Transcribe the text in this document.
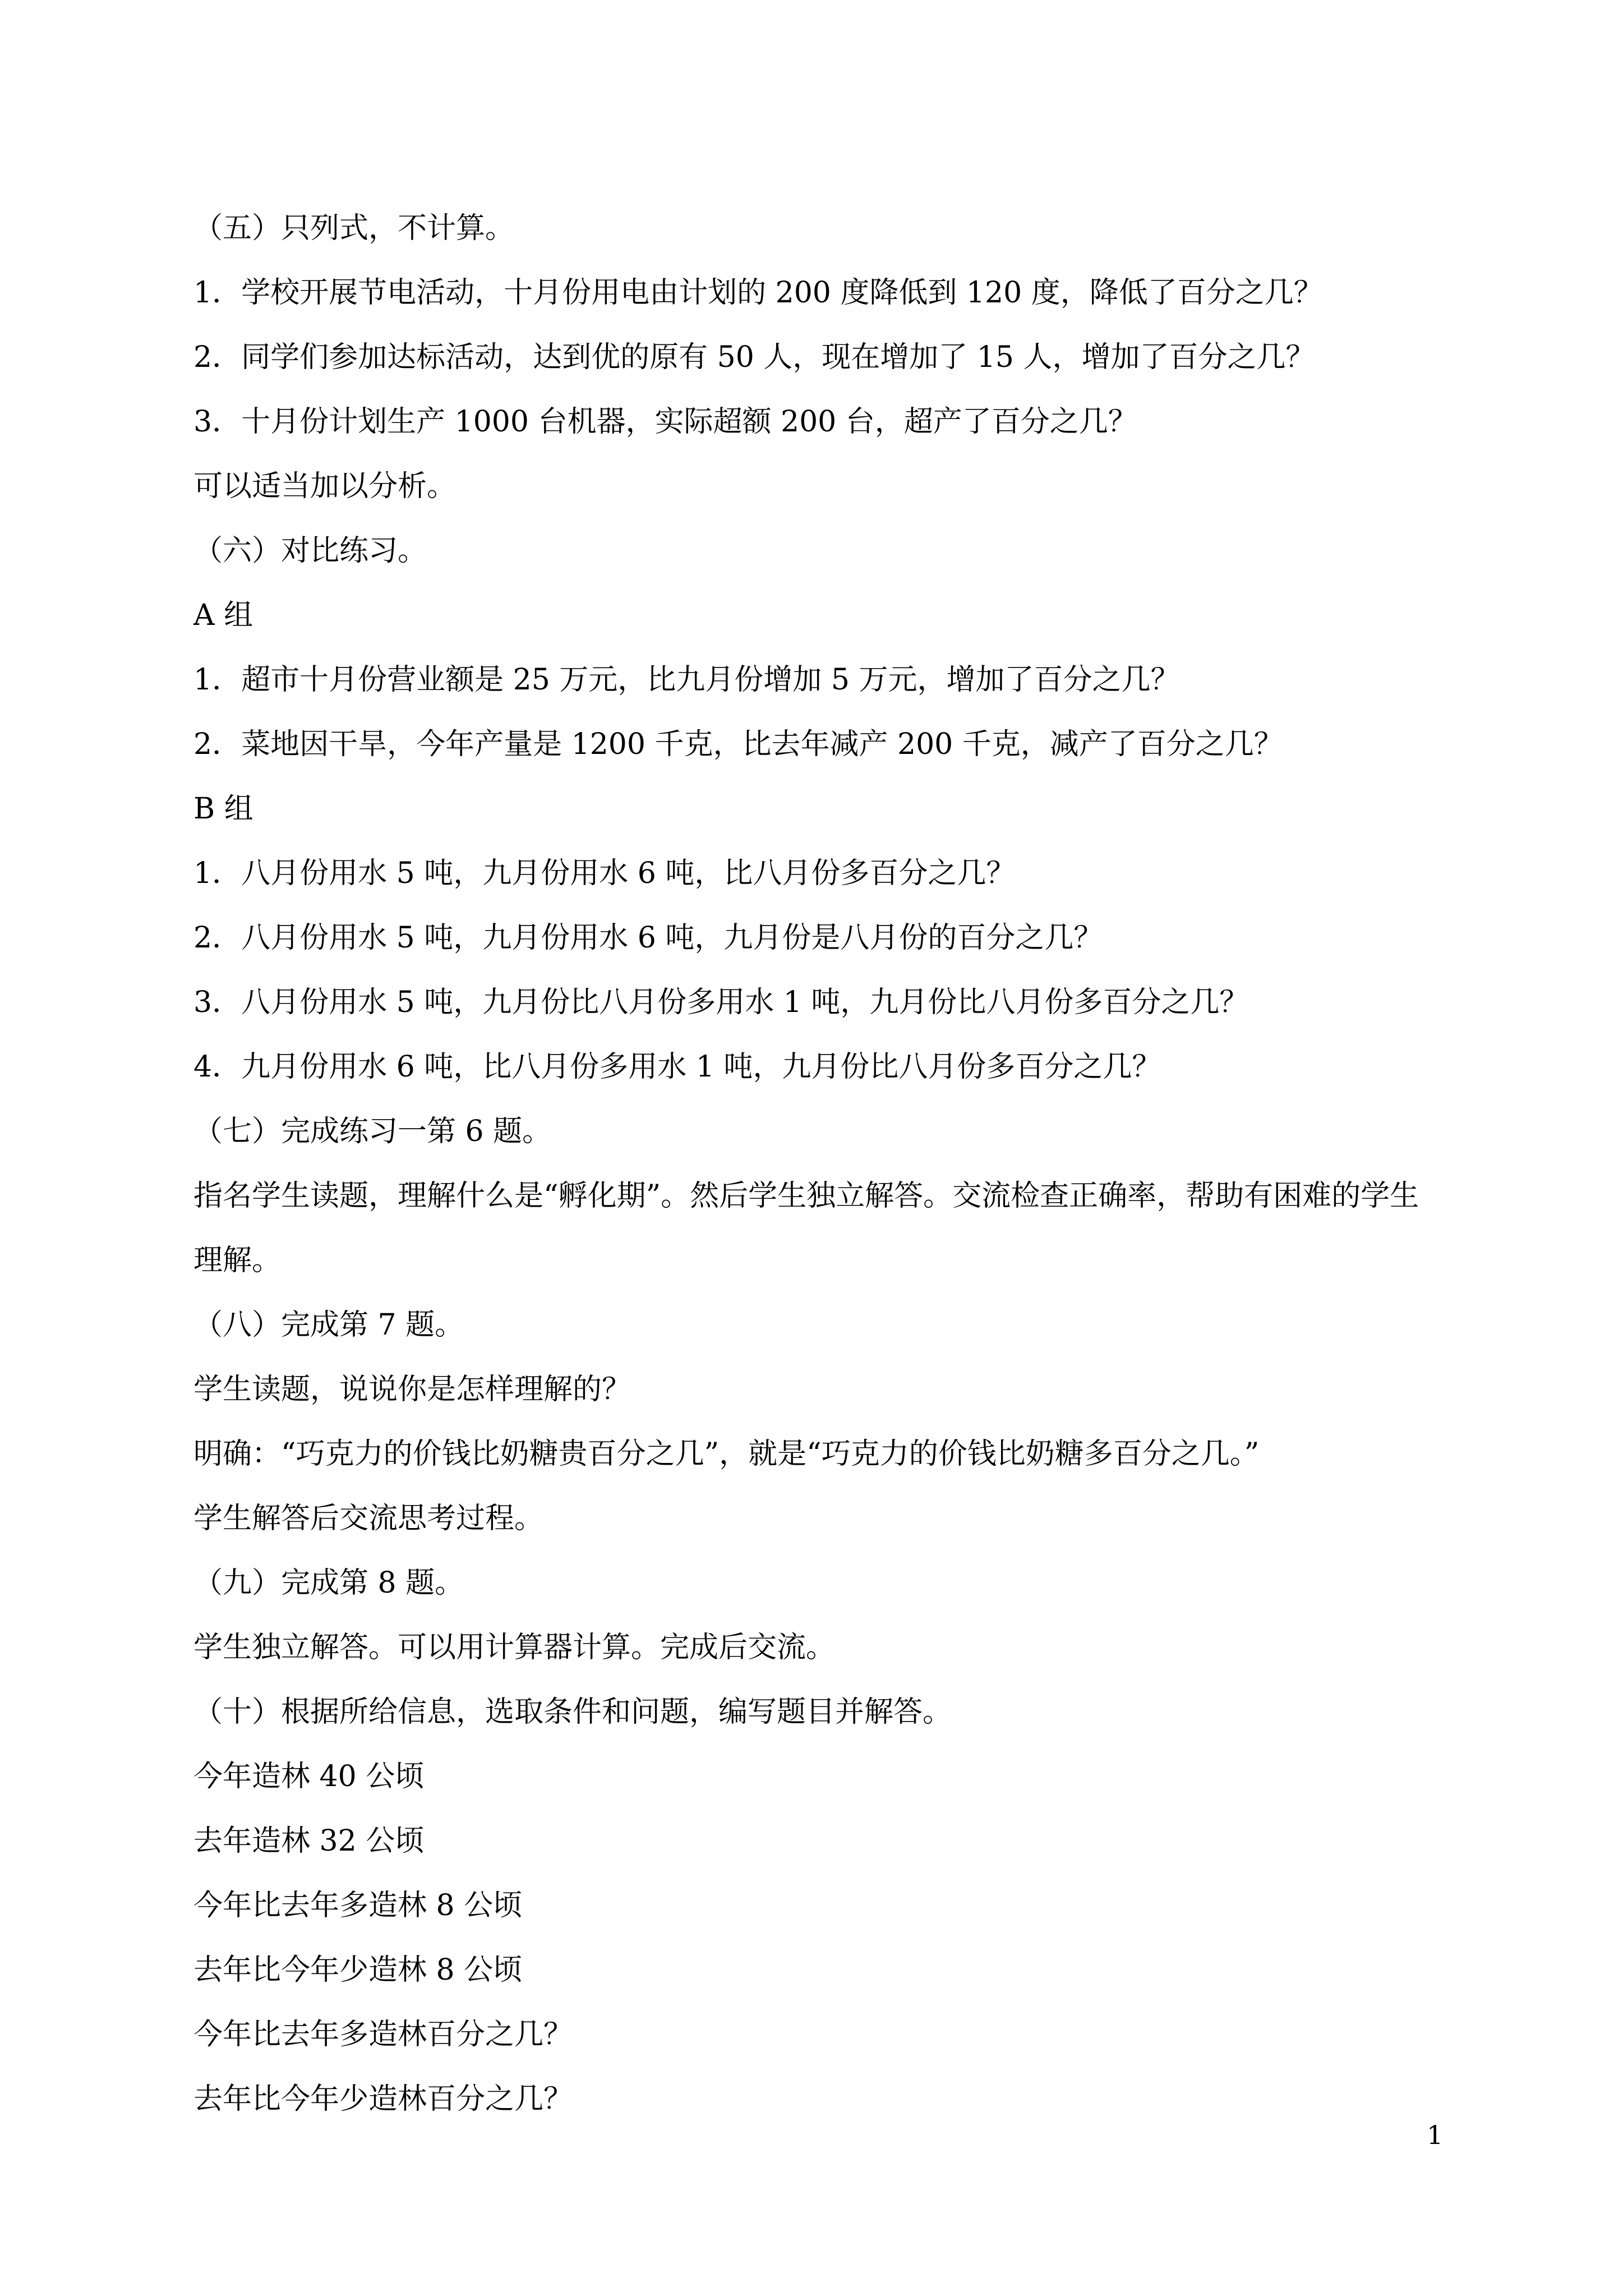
（五）只列式，不计算。

1．学校开展节电活动，十月份用电由计划的 200 度降低到 120 度，降低了百分之几？

2．同学们参加达标活动，达到优的原有 50 人，现在增加了 15 人，增加了百分之几？

3．十月份计划生产 1000 台机器，实际超额 200 台，超产了百分之几？

可以适当加以分析。

（六）对比练习。

A 组

1．超市十月份营业额是 25 万元，比九月份增加 5 万元，增加了百分之几？

2．菜地因干旱，今年产量是 1200 千克，比去年减产 200 千克，减产了百分之几？

B 组

1．八月份用水 5 吨，九月份用水 6 吨，比八月份多百分之几？

2．八月份用水 5 吨，九月份用水 6 吨，九月份是八月份的百分之几？

3．八月份用水 5 吨，九月份比八月份多用水 1 吨，九月份比八月份多百分之几？

4．九月份用水 6 吨，比八月份多用水 1 吨，九月份比八月份多百分之几？

（七）完成练习一第 6 题。

指名学生读题，理解什么是“孵化期”。然后学生独立解答。交流检查正确率，帮助有困难的学生理解。

（八）完成第 7 题。

学生读题，说说你是怎样理解的？

明确：“巧克力的价钱比奶糖贵百分之几”，就是“巧克力的价钱比奶糖多百分之几。”

学生解答后交流思考过程。

（九）完成第 8 题。

学生独立解答。可以用计算器计算。完成后交流。

（十）根据所给信息，选取条件和问题，编写题目并解答。

今年造林 40 公顷

去年造林 32 公顷

今年比去年多造林 8 公顷

去年比今年少造林 8 公顷

今年比去年多造林百分之几？

去年比今年少造林百分之几？

1
